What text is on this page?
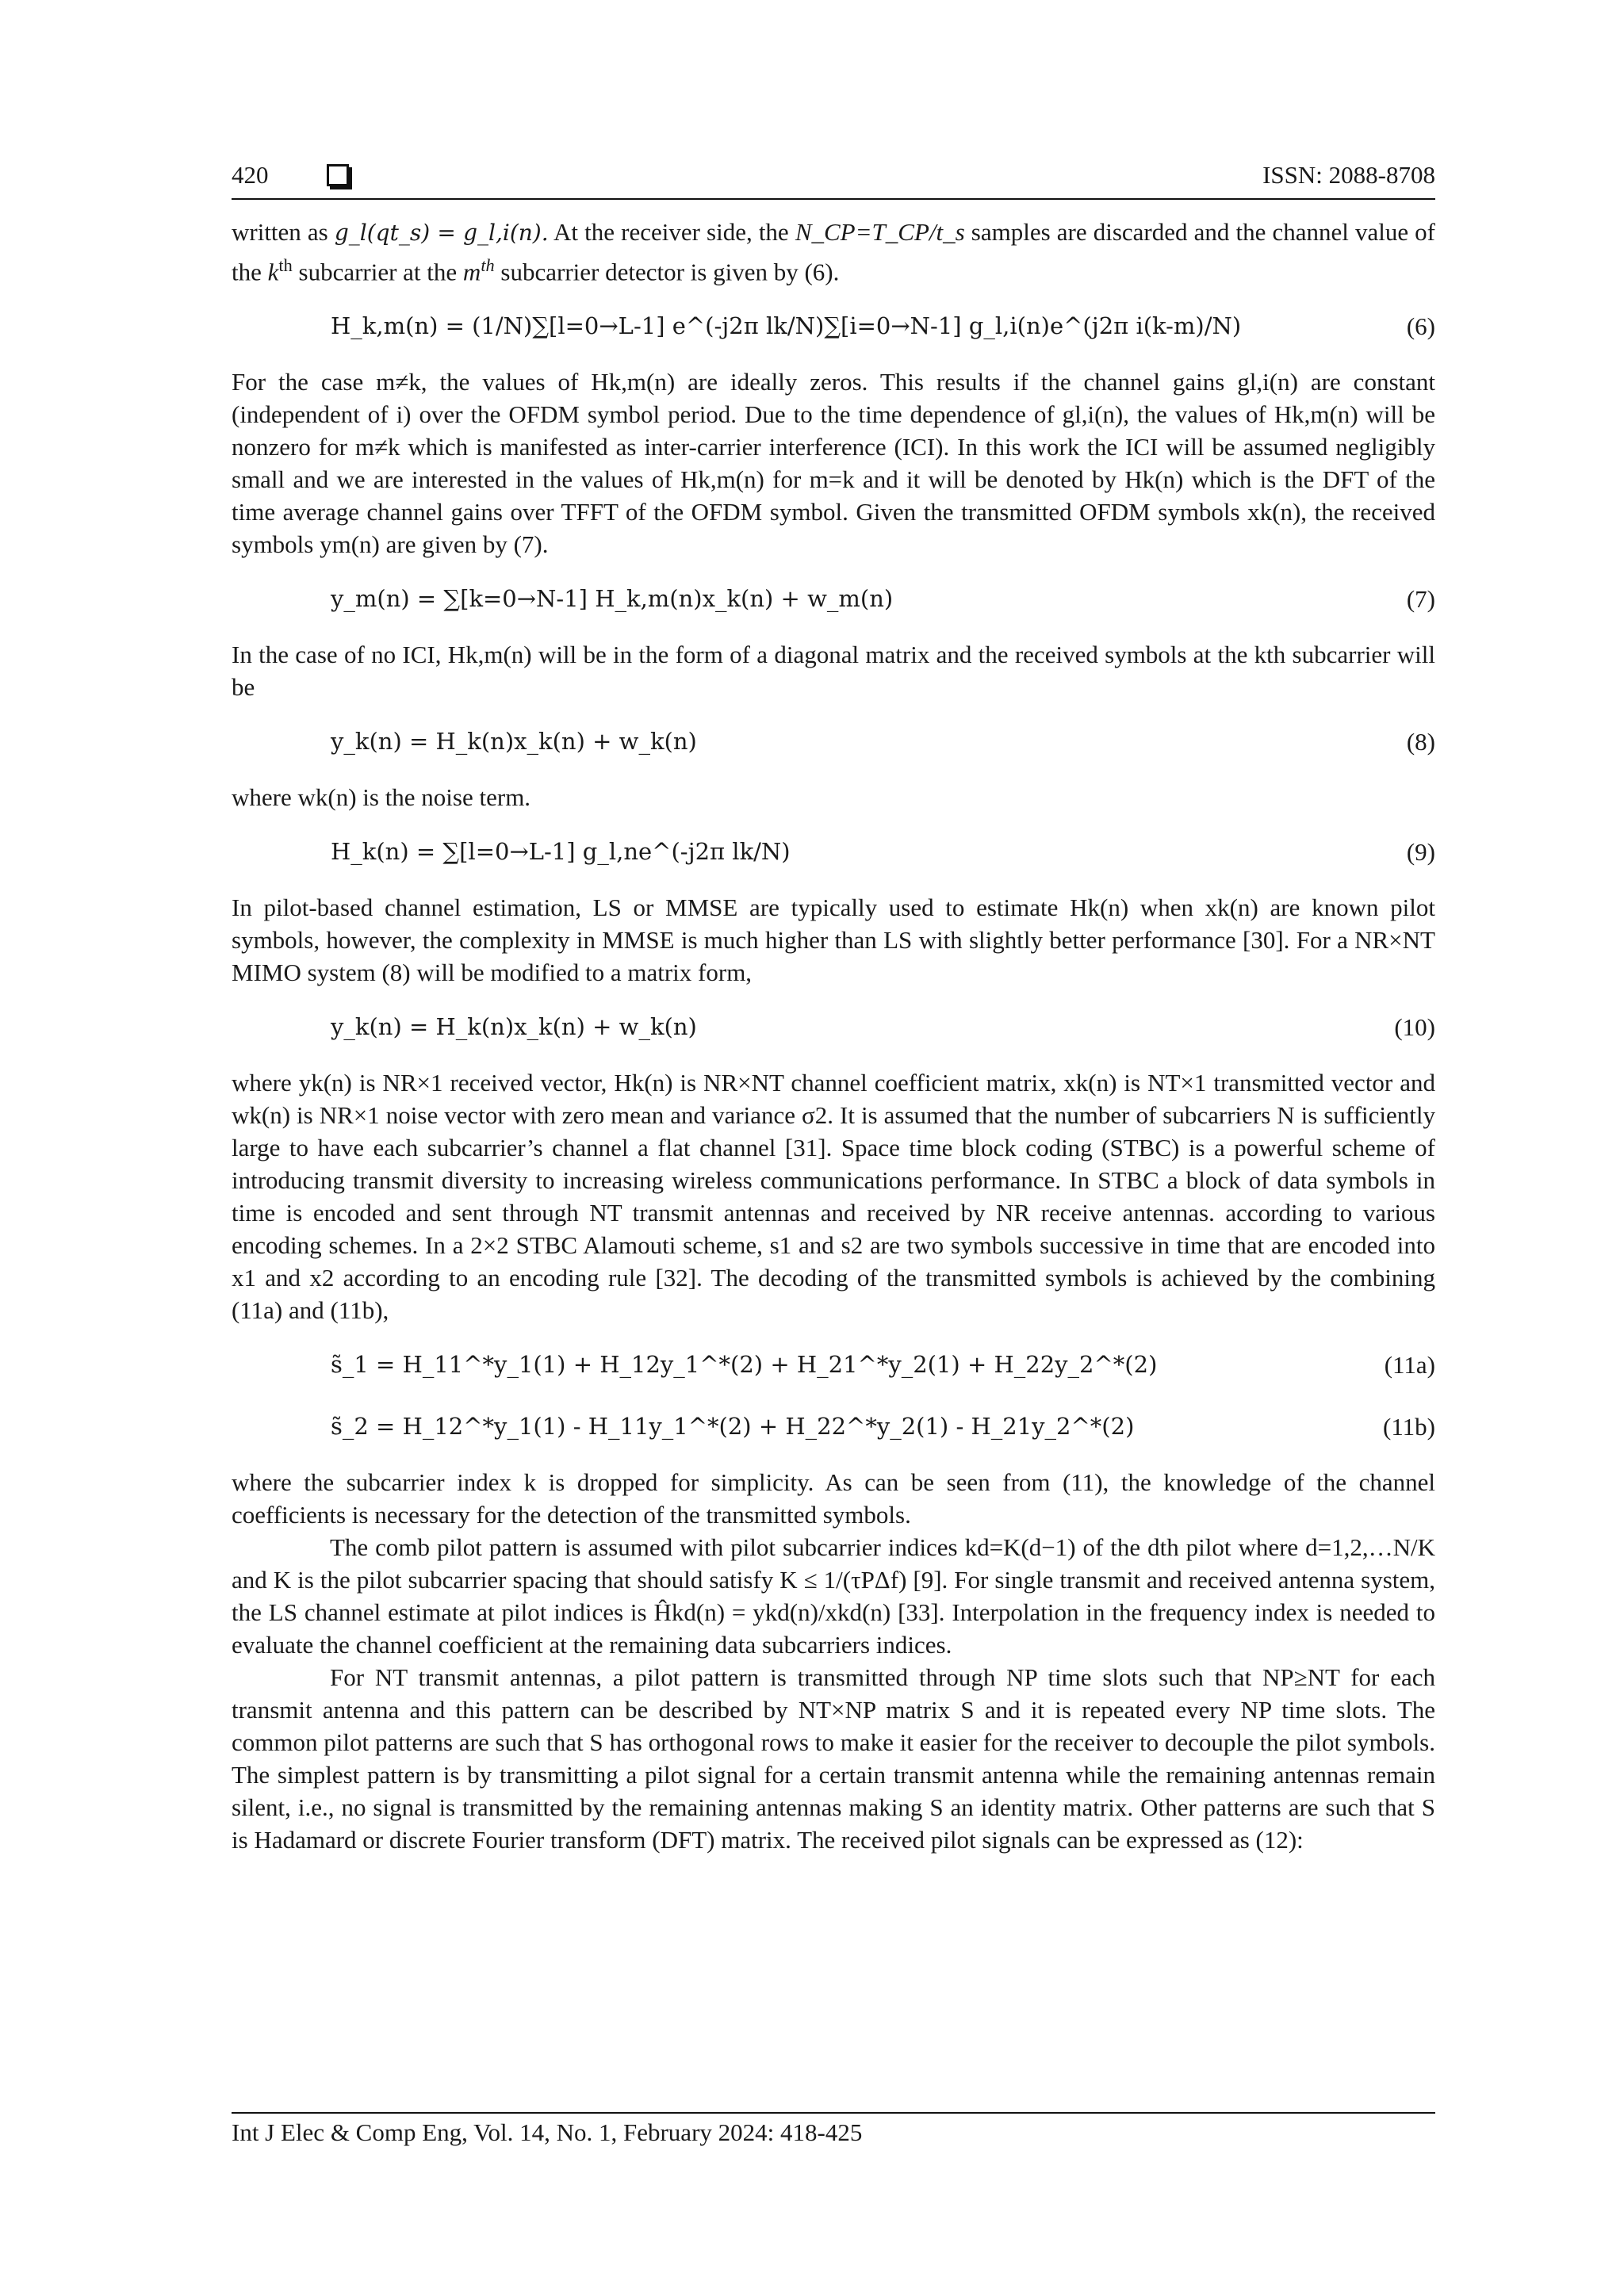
420	ISSN: 2088-8708

written as g_l(qt_s) = g_l,i(n). At the receiver side, the N_CP=T_CP/t_s samples are discarded and the channel value of the $k^{th}$ subcarrier at the $m^{th}$ subcarrier detector is given by (6).

H_k,m(n) = (1/N)∑[l=0→L-1] e^(-j2π lk/N)∑[i=0→N-1] g_l,i(n)e^(j2π i(k-m)/N)	(6)

For the case m≠k, the values of Hk,m(n) are ideally zeros. This results if the channel gains gl,i(n) are constant (independent of i) over the OFDM symbol period. Due to the time dependence of gl,i(n), the values of Hk,m(n) will be nonzero for m≠k which is manifested as inter-carrier interference (ICI). In this work the ICI will be assumed negligibly small and we are interested in the values of Hk,m(n) for m=k and it will be denoted by Hk(n) which is the DFT of the time average channel gains over TFFT of the OFDM symbol. Given the transmitted OFDM symbols xk(n), the received symbols ym(n) are given by (7).

y_m(n) = ∑[k=0→N-1] H_k,m(n)x_k(n) + w_m(n)	(7)

In the case of no ICI, Hk,m(n) will be in the form of a diagonal matrix and the received symbols at the kth subcarrier will be

y_k(n) = H_k(n)x_k(n) + w_k(n)	(8)

where wk(n) is the noise term.

H_k(n) = ∑[l=0→L-1] g_l,ne^(-j2π lk/N)	(9)

In pilot-based channel estimation, LS or MMSE are typically used to estimate Hk(n) when xk(n) are known pilot symbols, however, the complexity in MMSE is much higher than LS with slightly better performance [30]. For a NR×NT MIMO system (8) will be modified to a matrix form,

y_k(n) = H_k(n)x_k(n) + w_k(n)	(10)

where yk(n) is NR×1 received vector, Hk(n) is NR×NT channel coefficient matrix, xk(n) is NT×1 transmitted vector and wk(n) is NR×1 noise vector with zero mean and variance σ2. It is assumed that the number of subcarriers N is sufficiently large to have each subcarrier’s channel a flat channel [31]. Space time block coding (STBC) is a powerful scheme of introducing transmit diversity to increasing wireless communications performance. In STBC a block of data symbols in time is encoded and sent through NT transmit antennas and received by NR receive antennas. according to various encoding schemes. In a 2×2 STBC Alamouti scheme, s1 and s2 are two symbols successive in time that are encoded into x1 and x2 according to an encoding rule [32]. The decoding of the transmitted symbols is achieved by the combining (11a) and (11b),

s̃_1 = H_11^*y_1(1) + H_12y_1^*(2) + H_21^*y_2(1) + H_22y_2^*(2)	(11a)
s̃_2 = H_12^*y_1(1) - H_11y_1^*(2) + H_22^*y_2(1) - H_21y_2^*(2)	(11b)

where the subcarrier index k is dropped for simplicity. As can be seen from (11), the knowledge of the channel coefficients is necessary for the detection of the transmitted symbols.

The comb pilot pattern is assumed with pilot subcarrier indices kd=K(d−1) of the dth pilot where d=1,2,…N/K and K is the pilot subcarrier spacing that should satisfy K ≤ 1/(τPΔf) [9]. For single transmit and received antenna system, the LS channel estimate at pilot indices is Ĥkd(n) = ykd(n)/xkd(n) [33]. Interpolation in the frequency index is needed to evaluate the channel coefficient at the remaining data subcarriers indices.

For NT transmit antennas, a pilot pattern is transmitted through NP time slots such that NP≥NT for each transmit antenna and this pattern can be described by NT×NP matrix S and it is repeated every NP time slots. The common pilot patterns are such that S has orthogonal rows to make it easier for the receiver to decouple the pilot symbols. The simplest pattern is by transmitting a pilot signal for a certain transmit antenna while the remaining antennas remain silent, i.e., no signal is transmitted by the remaining antennas making S an identity matrix. Other patterns are such that S is Hadamard or discrete Fourier transform (DFT) matrix. The received pilot signals can be expressed as (12):

Int J Elec & Comp Eng, Vol. 14, No. 1, February 2024: 418-425
